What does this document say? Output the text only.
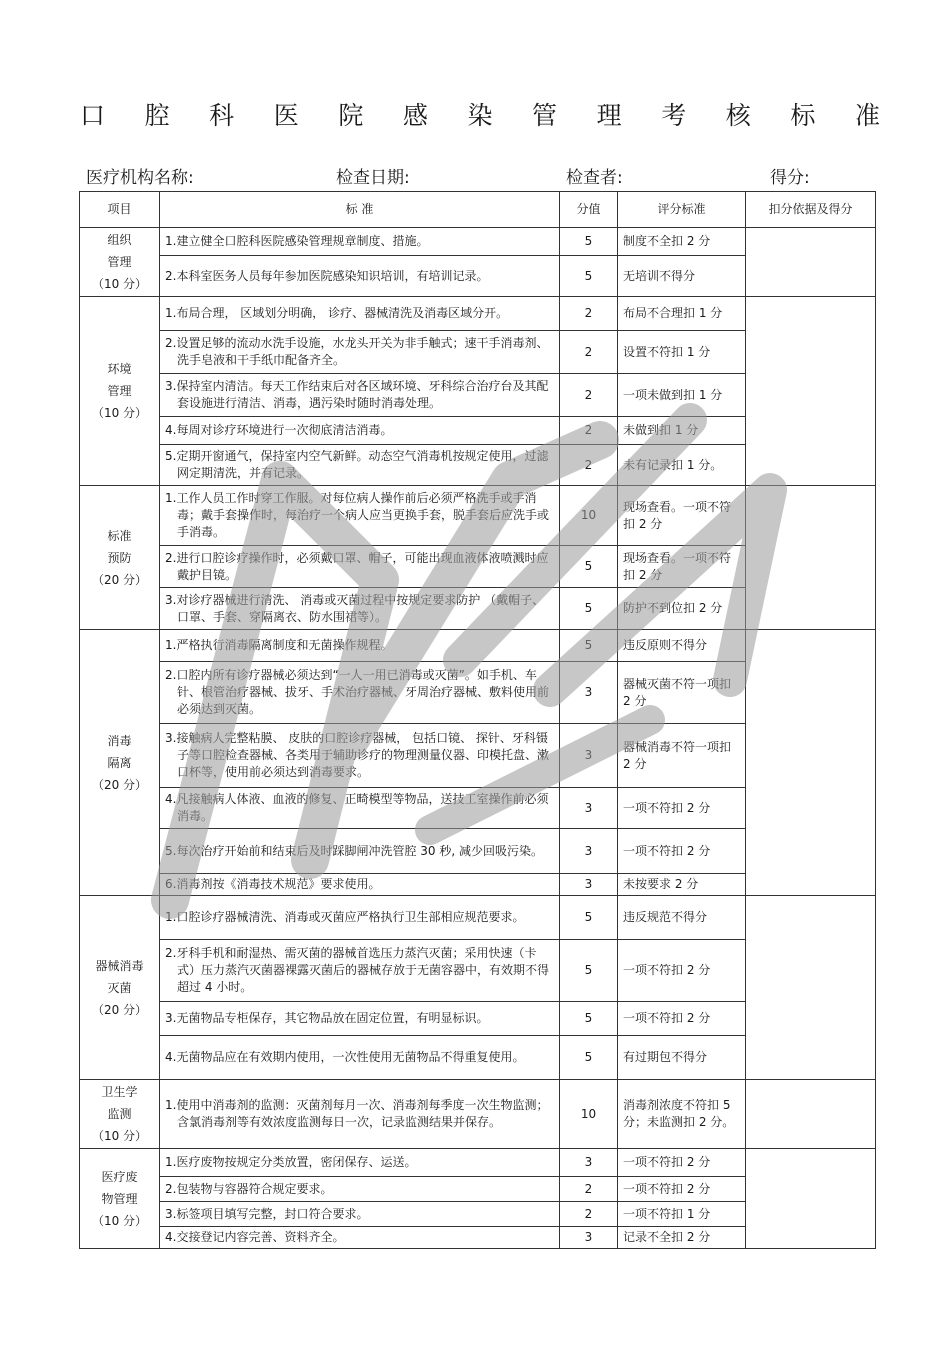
口 腔 科 医 院 感 染 管 理 考 核 标 准
医疗机构名称:	检查日期:	检查者:	得分:
项目	标 准	分值	评分标准	扣分依据及得分

组织
管理
（10 分）	1.建立健全口腔科医院感染管理规章制度、措施。	5	制度不全扣 2 分	

	2.本科室医务人员每年参加医院感染知识培训，有培训记录。	5	无培训不得分	

环境
管理
（10 分）	1.布局合理， 区域划分明确， 诊疗、器械清洗及消毒区域分开。	2	布局不合理扣 1 分	

	2.设置足够的流动水洗手设施，水龙头开关为非手触式；速干手消毒剂、洗手皂液和干手纸巾配备齐全。	2	设置不符扣 1 分	

	3.保持室内清洁。每天工作结束后对各区域环境、牙科综合治疗台及其配套设施进行清洁、消毒，遇污染时随时消毒处理。	2	一项未做到扣 1 分	

	4.每周对诊疗环境进行一次彻底清洁消毒。	2	未做到扣 1 分	

	5.定期开窗通气，保持室内空气新鲜。动态空气消毒机按规定使用，过滤网定期清洗，并有记录。	2	未有记录扣 1 分。	

标准
预防
（20 分）	1.工作人员工作时穿工作服。对每位病人操作前后必须严格洗手或手消毒；戴手套操作时，每治疗一个病人应当更换手套，脱手套后应洗手或手消毒。	10	现场查看。一项不符扣 2 分	

	2.进行口腔诊疗操作时，必须戴口罩、帽子，可能出现血液体液喷溅时应戴护目镜。	5	现场查看。一项不符扣 2 分	

	3.对诊疗器械进行清洗、 消毒或灭菌过程中按规定要求防护 （戴帽子、口罩、手套、穿隔离衣、防水围裙等）。	5	防护不到位扣 2 分	

消毒
隔离
（20 分）	1.严格执行消毒隔离制度和无菌操作规程。	5	违反原则不得分	

	2.口腔内所有诊疗器械必须达到“一人一用已消毒或灭菌”。如手机、车针、根管治疗器械、拔牙、手术治疗器械、牙周治疗器械、敷料使用前必须达到灭菌。	3	器械灭菌不符一项扣 2 分	

	3.接触病人完整粘膜、 皮肤的口腔诊疗器械， 包括口镜、 探针、牙科镊子等口腔检查器械、各类用于辅助诊疗的物理测量仪器、印模托盘、漱口杯等，使用前必须达到消毒要求。	3	器械消毒不符一项扣 2 分	

	4.凡接触病人体液、血液的修复、正畸模型等物品，送技工室操作前必须消毒。	3	一项不符扣 2 分	

	5.每次治疗开始前和结束后及时踩脚闸冲洗管腔 30 秒, 减少回吸污染。	3	一项不符扣 2 分	

	6.消毒剂按《消毒技术规范》要求使用。	3	未按要求 2 分	

器械消毒
灭菌
（20 分）	1.口腔诊疗器械清洗、消毒或灭菌应严格执行卫生部相应规范要求。	5	违反规范不得分	

	2.牙科手机和耐湿热、需灭菌的器械首选压力蒸汽灭菌；采用快速（卡式）压力蒸汽灭菌器裸露灭菌后的器械存放于无菌容器中，有效期不得超过 4 小时。	5	一项不符扣 2 分	

	3.无菌物品专柜保存，其它物品放在固定位置，有明显标识。	5	一项不符扣 2 分	

	4.无菌物品应在有效期内使用，一次性使用无菌物品不得重复使用。	5	有过期包不得分	

卫生学
监测
（10 分）	1.使用中消毒剂的监测：灭菌剂每月一次、消毒剂每季度一次生物监测；含氯消毒剂等有效浓度监测每日一次，记录监测结果并保存。	10	消毒剂浓度不符扣 5 分；未监测扣 2 分。	

医疗废
物管理
（10 分）	1.医疗废物按规定分类放置，密闭保存、运送。	3	一项不符扣 2 分	

	2.包装物与容器符合规定要求。	2	一项不符扣 2 分	

	3.标签项目填写完整，封口符合要求。	2	一项不符扣 1 分	

	4.交接登记内容完善、资料齐全。	3	记录不全扣 2 分	
